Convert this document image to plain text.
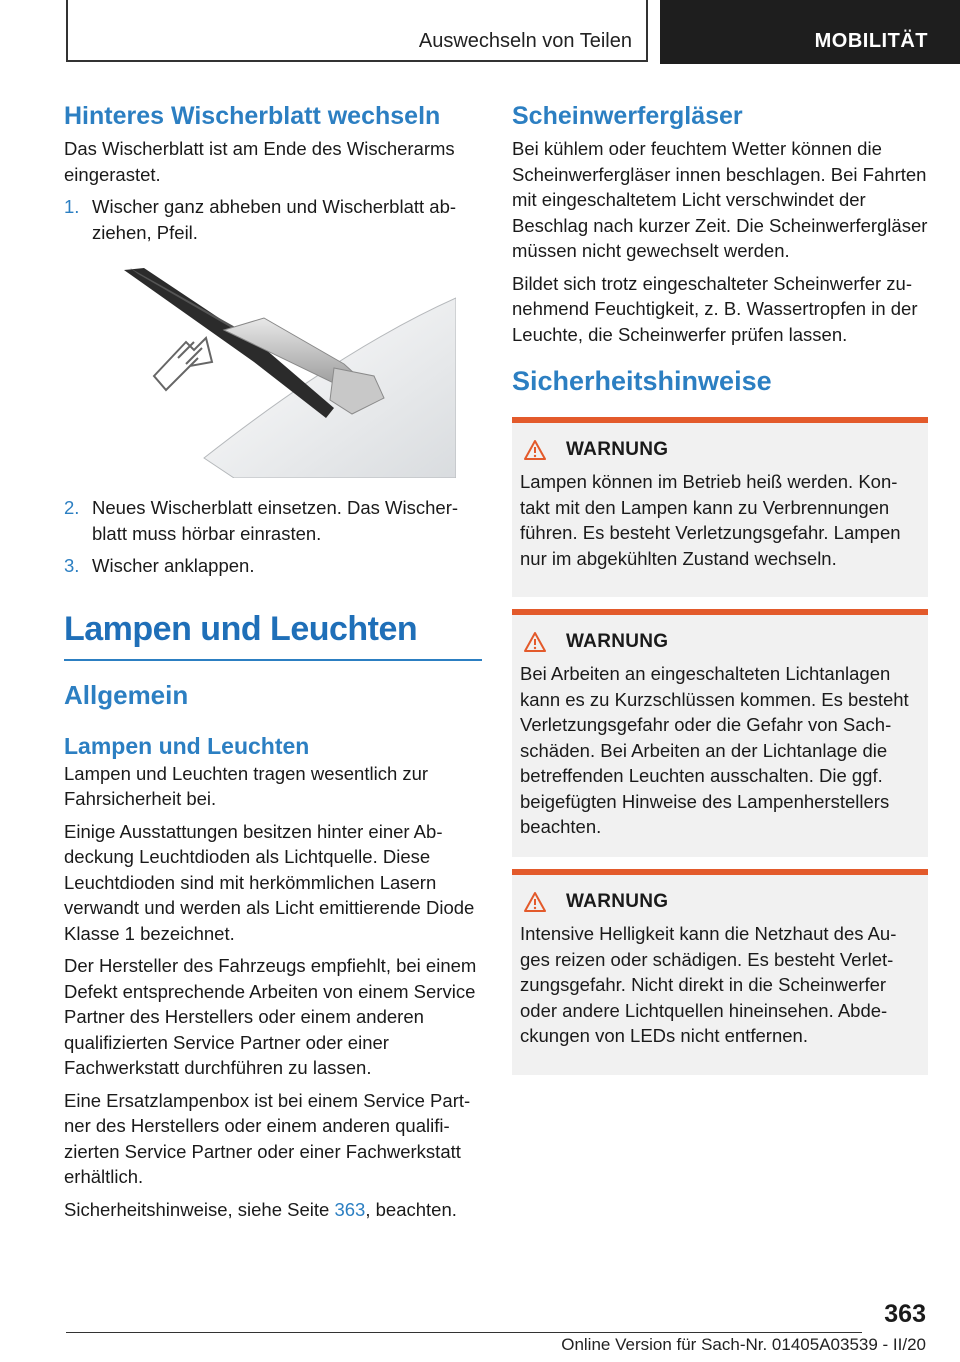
Auswechseln von Teilen	MOBILITÄT
Hinteres Wischerblatt wechseln

Das Wischerblatt ist am Ende des Wischerarms eingerastet.

1. Wischer ganz abheben und Wischerblatt abziehen, Pfeil.
2. Neues Wischerblatt einsetzen. Das Wischerblatt muss hörbar einrasten.
3. Wischer anklappen.
Lampen und Leuchten
Allgemein
Lampen und Leuchten

Lampen und Leuchten tragen wesentlich zur Fahrsicherheit bei.

Einige Ausstattungen besitzen hinter einer Abdeckung Leuchtdioden als Lichtquelle. Diese Leuchtdioden sind mit herkömmlichen Lasern verwandt und werden als Licht emittierende Diode Klasse 1 bezeichnet.

Der Hersteller des Fahrzeugs empfiehlt, bei einem Defekt entsprechende Arbeiten von einem Service Partner des Herstellers oder einem anderen qualifizierten Service Partner oder einer Fachwerkstatt durchführen zu lassen.

Eine Ersatzlampenbox ist bei einem Service Partner des Herstellers oder einem anderen qualifizierten Service Partner oder einer Fachwerkstatt erhältlich.

Sicherheitshinweise, siehe Seite 363, beachten.

Scheinwerfergläser

Bei kühlem oder feuchtem Wetter können die Scheinwerfergläser innen beschlagen. Bei Fahrten mit eingeschaltetem Licht verschwindet der Beschlag nach kurzer Zeit. Die Scheinwerfergläser müssen nicht gewechselt werden.

Bildet sich trotz eingeschalteter Scheinwerfer zunehmend Feuchtigkeit, z. B. Wassertropfen in der Leuchte, die Scheinwerfer prüfen lassen.

Sicherheitshinweise
WARNUNG

Lampen können im Betrieb heiß werden. Kontakt mit den Lampen kann zu Verbrennungen führen. Es besteht Verletzungsgefahr. Lampen nur im abgekühlten Zustand wechseln.

WARNUNG

Bei Arbeiten an eingeschalteten Lichtanlagen kann es zu Kurzschlüssen kommen. Es besteht Verletzungsgefahr oder die Gefahr von Sachschäden. Bei Arbeiten an der Lichtanlage die betreffenden Leuchten ausschalten. Die ggf. beigefügten Hinweise des Lampenherstellers beachten.

WARNUNG

Intensive Helligkeit kann die Netzhaut des Auges reizen oder schädigen. Es besteht Verletzungsgefahr. Nicht direkt in die Scheinwerfer oder andere Lichtquellen hineinsehen. Abdeckungen von LEDs nicht entfernen.

363
Online Version für Sach-Nr. 01405A03539 - II/20
